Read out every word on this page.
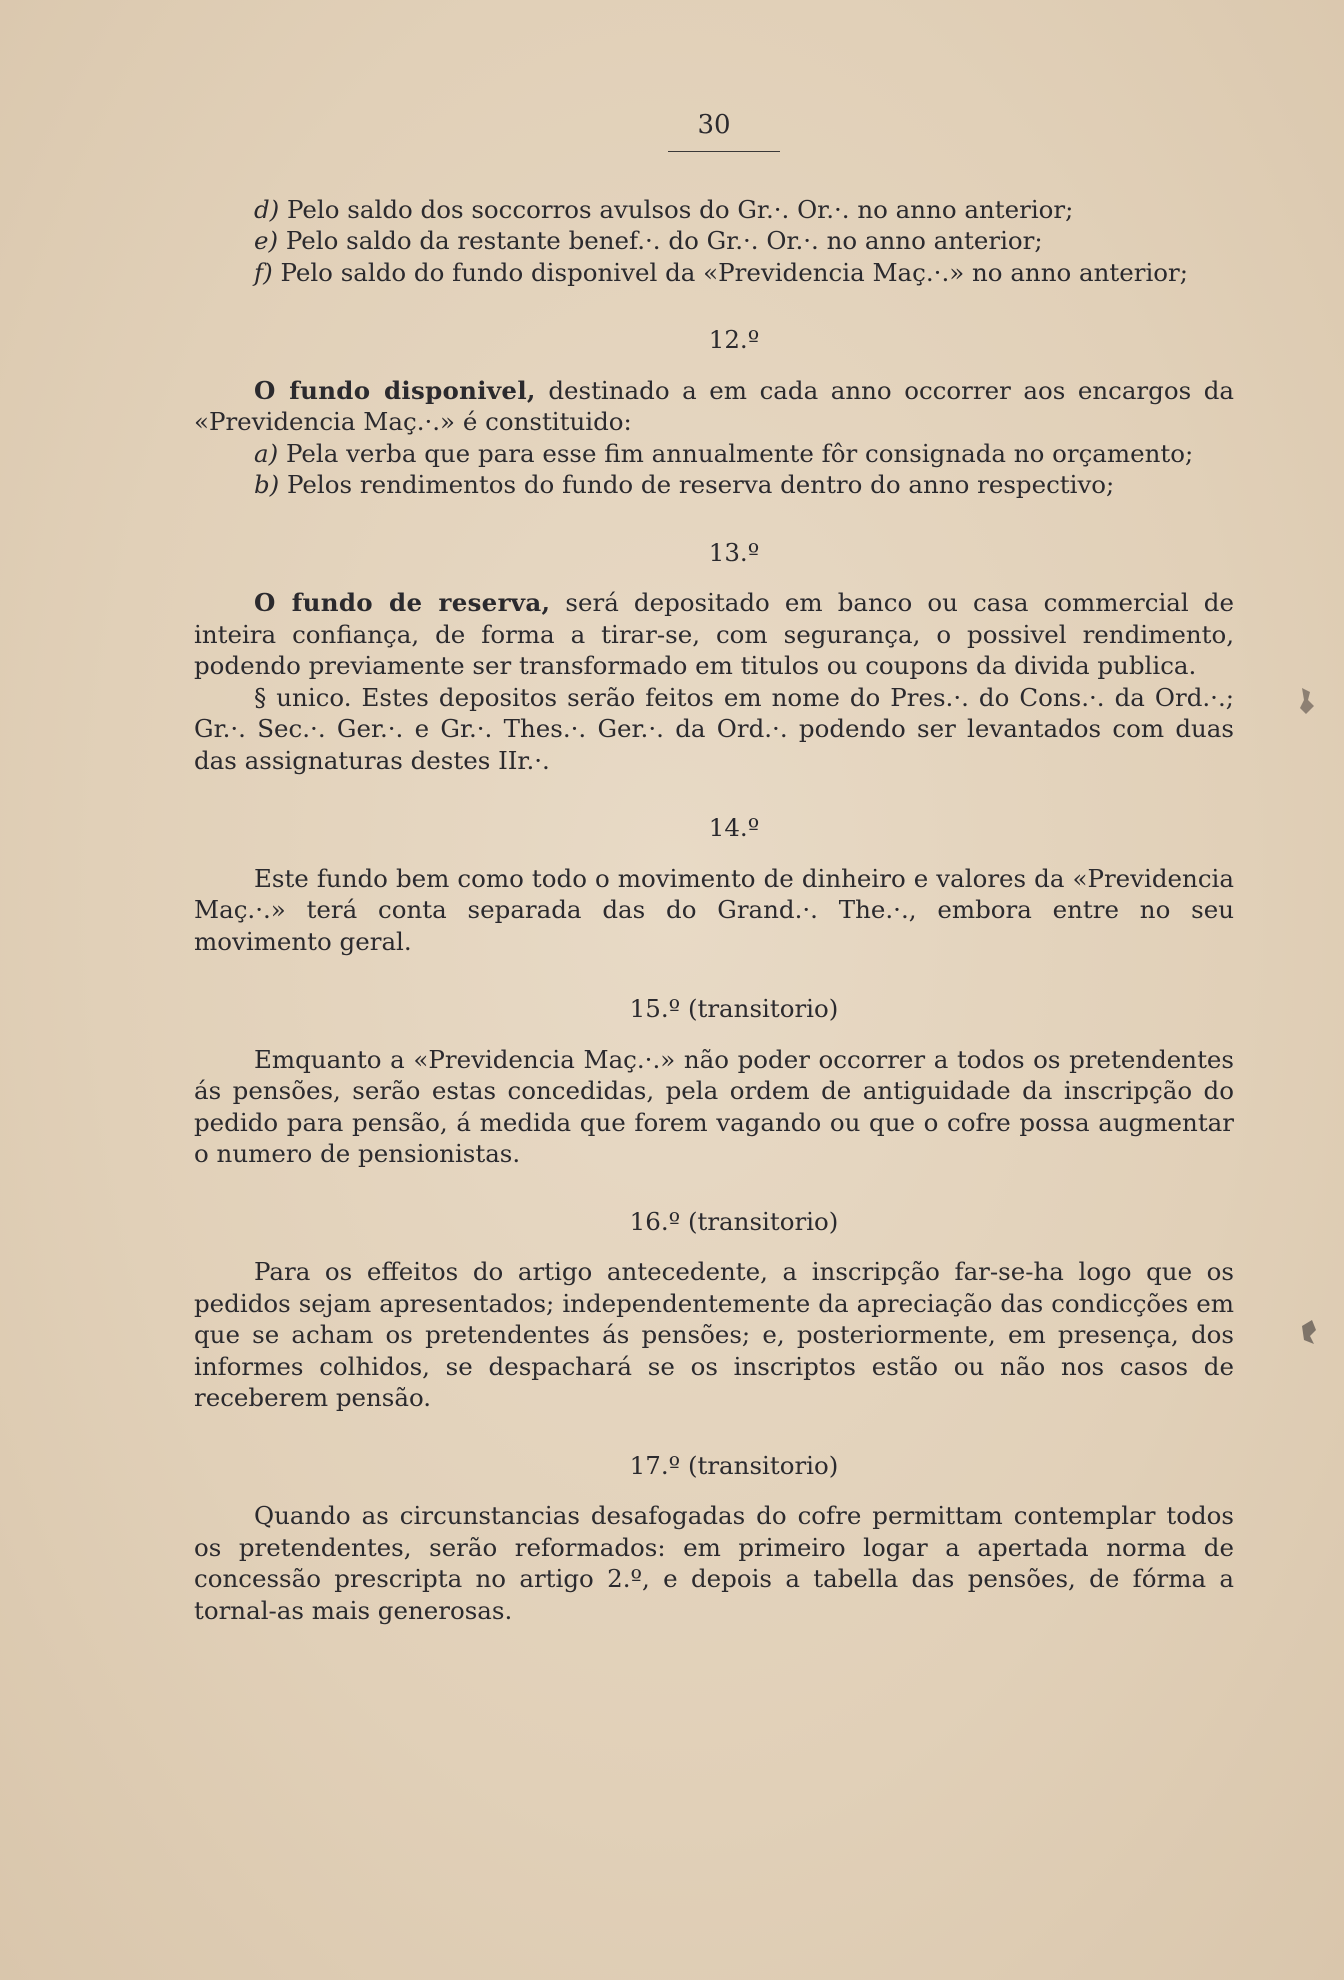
30
d) Pelo saldo dos soccorros avulsos do Gr.·. Or.·. no anno anterior;
e) Pelo saldo da restante benef.·. do Gr.·. Or.·. no anno anterior;
f) Pelo saldo do fundo disponivel da «Previdencia Maç.·.» no anno anterior;
12.º

O fundo disponivel, destinado a em cada anno occorrer aos encargos da «Previdencia Maç.·.» é constituido:

a) Pela verba que para esse fim annualmente fôr consignada no orçamento;
b) Pelos rendimentos do fundo de reserva dentro do anno respectivo;
13.º

O fundo de reserva, será depositado em banco ou casa commercial de inteira confiança, de forma a tirar-se, com segurança, o possivel rendimento, podendo previamente ser transformado em titulos ou coupons da divida publica.

§ unico. Estes depositos serão feitos em nome do Pres.·. do Cons.·. da Ord.·.; Gr.·. Sec.·. Ger.·. e Gr.·. Thes.·. Ger.·. da Ord.·. podendo ser levantados com duas das assignaturas destes IIr.·.

14.º

Este fundo bem como todo o movimento de dinheiro e valores da «Previdencia Maç.·.» terá conta separada das do Grand.·. The.·., embora entre no seu movimento geral.

15.º (transitorio)

Emquanto a «Previdencia Maç.·.» não poder occorrer a todos os pretendentes ás pensões, serão estas concedidas, pela ordem de antiguidade da inscripção do pedido para pensão, á medida que forem vagando ou que o cofre possa augmentar o numero de pensionistas.

16.º (transitorio)

Para os effeitos do artigo antecedente, a inscripção far-se-ha logo que os pedidos sejam apresentados; independentemente da apreciação das condicções em que se acham os pretendentes ás pensões; e, posteriormente, em presença, dos informes colhidos, se despachará se os inscriptos estão ou não nos casos de receberem pensão.

17.º (transitorio)

Quando as circunstancias desafogadas do cofre permittam contemplar todos os pretendentes, serão reformados: em primeiro logar a apertada norma de concessão prescripta no artigo 2.º, e depois a tabella das pensões, de fórma a tornal-as mais generosas.
